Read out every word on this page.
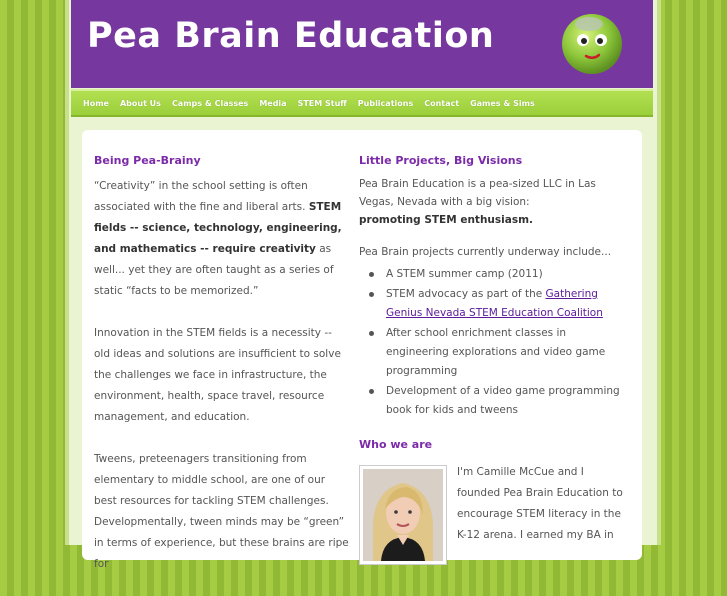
Pea Brain Education
Home About Us Camps & Classes Media STEM Stuff Publications Contact Games & Sims
Being Pea-Brainy

“Creativity” in the school setting is often associated with the fine and liberal arts. STEM fields -- science, technology, engineering, and mathematics -- require creativity as well... yet they are often taught as a series of static “facts to be memorized.”

Innovation in the STEM fields is a necessity -- old ideas and solutions are insufficient to solve the challenges we face in infrastructure, the environment, health, space travel, resource management, and education.

Tweens, preteenagers transitioning from elementary to middle school, are one of our best resources for tackling STEM challenges. Developmentally, tween minds may be “green” in terms of experience, but these brains are ripe for

Little Projects, Big Visions

Pea Brain Education is a pea-sized LLC in Las Vegas, Nevada with a big vision:
promoting STEM enthusiasm.

Pea Brain projects currently underway include...

A STEM summer camp (2011)
STEM advocacy as part of the Gathering Genius Nevada STEM Education Coalition
After school enrichment classes in engineering explorations and video game programming
Development of a video game programming book for kids and tweens
Who we are

I'm Camille McCue and I founded Pea Brain Education to encourage STEM literacy in the K-12 arena. I earned my BA in
